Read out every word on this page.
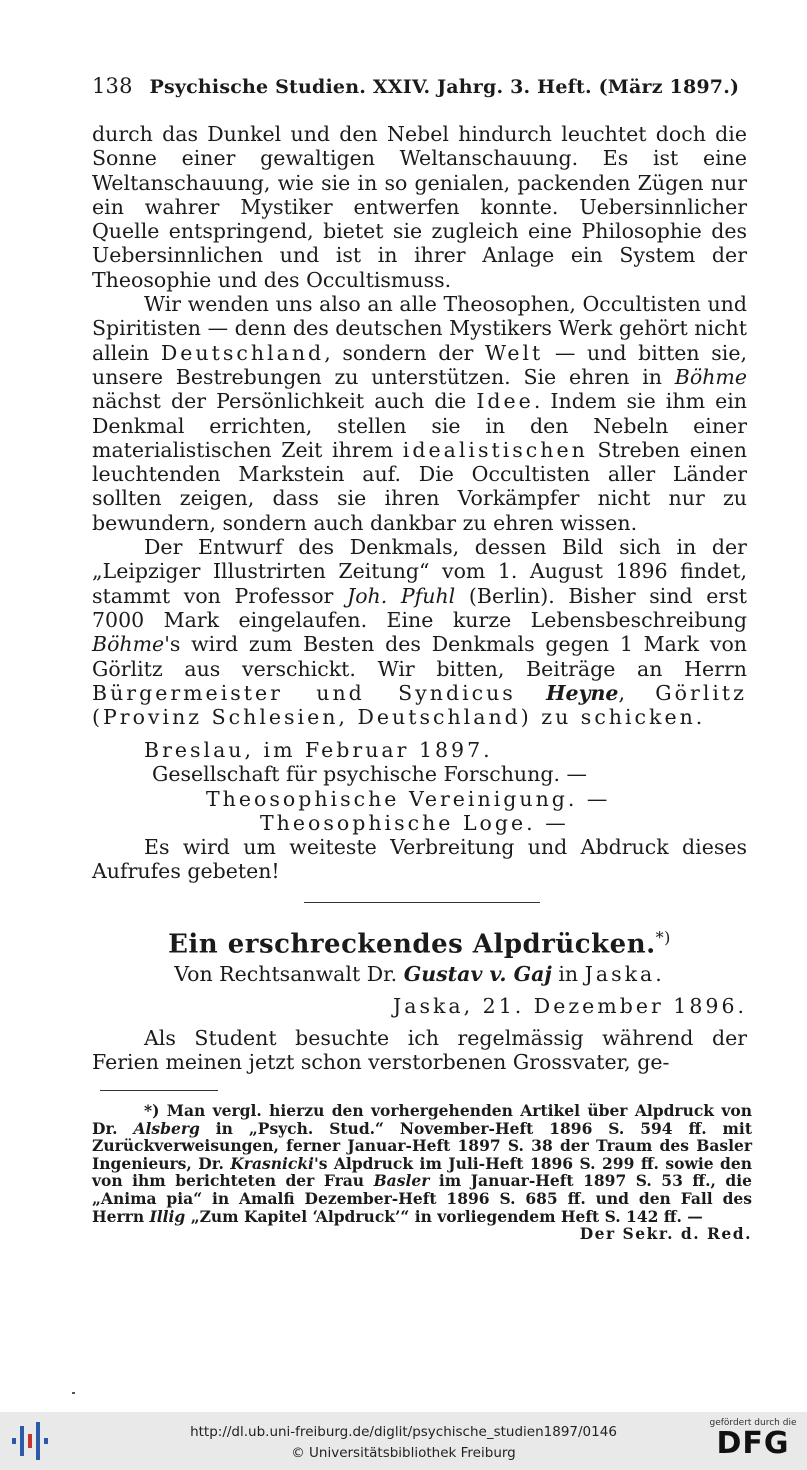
138 Psychische Studien. XXIV. Jahrg. 3. Heft. (März 1897.)

durch das Dunkel und den Nebel hindurch leuchtet doch die Sonne einer gewaltigen Weltanschauung. Es ist eine Weltanschauung, wie sie in so genialen, packenden Zügen nur ein wahrer Mystiker entwerfen konnte. Uebersinnlicher Quelle entspringend, bietet sie zugleich eine Philosophie des Uebersinnlichen und ist in ihrer Anlage ein System der Theosophie und des Occultismuss.

Wir wenden uns also an alle Theosophen, Occultisten und Spiritisten — denn des deutschen Mystikers Werk gehört nicht allein Deutschland, sondern der Welt — und bitten sie, unsere Bestrebungen zu unterstützen. Sie ehren in Böhme nächst der Persönlichkeit auch die Idee. Indem sie ihm ein Denkmal errichten, stellen sie in den Nebeln einer materialistischen Zeit ihrem idealistischen Streben einen leuchtenden Markstein auf. Die Occultisten aller Länder sollten zeigen, dass sie ihren Vorkämpfer nicht nur zu bewundern, sondern auch dankbar zu ehren wissen.

Der Entwurf des Denkmals, dessen Bild sich in der „Leipziger Illustrirten Zeitung“ vom 1. August 1896 findet, stammt von Professor Joh. Pfuhl (Berlin). Bisher sind erst 7000 Mark eingelaufen. Eine kurze Lebensbeschreibung Böhme's wird zum Besten des Denkmals gegen 1 Mark von Görlitz aus verschickt. Wir bitten, Beiträge an Herrn Bürgermeister und Syndicus Heyne, Görlitz (Provinz Schlesien, Deutschland) zu schicken.

Breslau, im Februar 1897.

Gesellschaft für psychische Forschung. —

Theosophische Vereinigung. —

Theosophische Loge. —

Es wird um weiteste Verbreitung und Abdruck dieses Aufrufes gebeten!

Ein erschreckendes Alpdrücken.*)
Von Rechtsanwalt Dr. Gustav v. Gaj in Jaska.
Jaska, 21. Dezember 1896.

Als Student besuchte ich regelmässig während der Ferien meinen jetzt schon verstorbenen Grossvater, ge-

*) Man vergl. hierzu den vorhergehenden Artikel über Alpdruck von Dr. Alsberg in „Psych. Stud.“ November-Heft 1896 S. 594 ff. mit Zurückverweisungen, ferner Januar-Heft 1897 S. 38 der Traum des Basler Ingenieurs, Dr. Krasnicki's Alpdruck im Juli-Heft 1896 S. 299 ff. sowie den von ihm berichteten der Frau Basler im Januar-Heft 1897 S. 53 ff., die „Anima pia“ in Amalfi Dezember-Heft 1896 S. 685 ff. und den Fall des Herrn Illig „Zum Kapitel ‘Alpdruck’“ in vorliegendem Heft S. 142 ff. —
Der Sekr. d. Red.

http://dl.ub.uni-freiburg.de/diglit/psychische_studien1897/0146
© Universitätsbibliothek Freiburg
gefördert durch die
DFG
